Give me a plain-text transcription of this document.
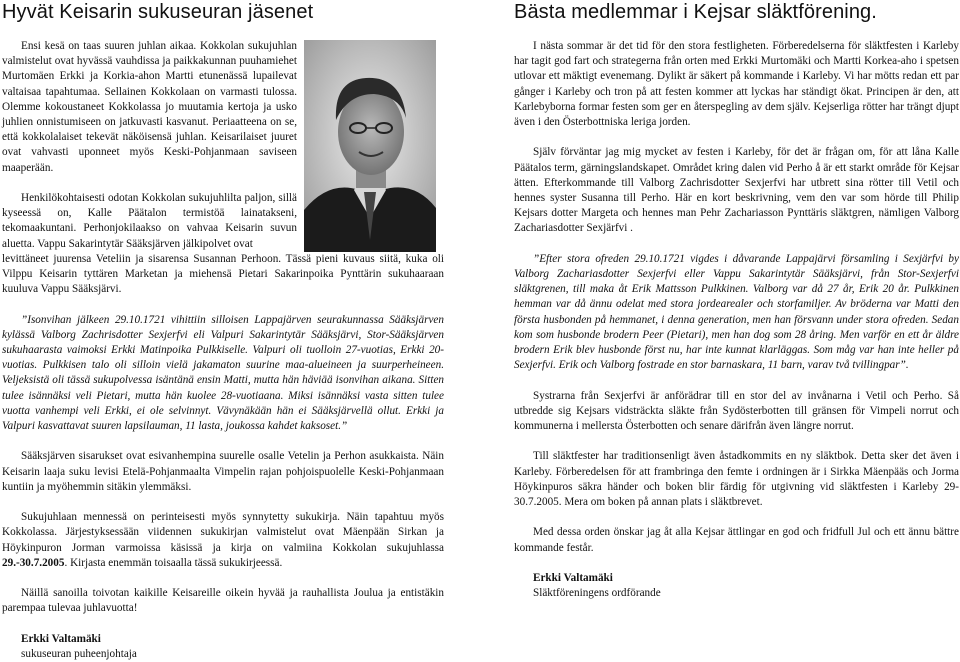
Hyvät Keisarin sukuseuran jäsenet	Bästa medlemmar i Kejsar släktförening.

Ensi kesä on taas suuren juhlan aikaa. Kokkolan sukujuhlan valmistelut ovat hyvässä vauhdissa ja paikkakunnan puuhamiehet Murtomäen Erkki ja Korkia-ahon Martti etunenässä lupailevat valtaisaa tapahtumaa. Sellainen Kokkolaan on varmasti tulossa. Olemme kokoustaneet Kokkolassa jo muutamia kertoja ja usko juhlien onnistumiseen on jatkuvasti kasvanut. Periaatteena on se, että kokkolalaiset tekevät näköisensä juhlan. Keisarilaiset juuret ovat vahvasti uponneet myös Keski-Pohjanmaan saviseen maaperään.

Henkilökohtaisesti odotan Kokkolan sukujuhlilta paljon, sillä kyseessä on, Kalle Päätalon termistöä lainatakseni, tekomaakuntani. Perhonjokilaakso on vahvaa Keisarin suvun aluetta. Vappu Sakarintytär Sääksjärven jälkipolvet ovat

levittäneet juurensa Veteliin ja sisarensa Susannan Perhoon. Tässä pieni kuvaus siitä, kuka oli Vilppu Keisarin tyttären Marketan ja miehensä Pietari Sakarinpoika Pynttärin sukuhaaraan kuuluva Vappu Sääksjärvi.

”Isonvihan jälkeen 29.10.1721 vihittiin silloisen Lappajärven seurakunnassa Sääksjärven kylässä Valborg Zachrisdotter Sexjerfvi eli Valpuri Sakarintytär Sääksjärvi, Stor-Sääksjärven sukuhaarasta vaimoksi Erkki Matinpoika Pulkkiselle. Valpuri oli tuolloin 27-vuotias, Erkki 20-vuotias. Pulkkisen talo oli silloin vielä jakamaton suurine maa-alueineen ja suurperheineen. Veljeksistä oli tässä sukupolvessa isäntänä ensin Matti, mutta hän häviää isonvihan aikana. Sitten tulee isännäksi veli Pietari, mutta hän kuolee 28-vuotiaana. Miksi isännäksi vasta sitten tulee vuotta vanhempi veli Erkki, ei ole selvinnyt. Vävynäkään hän ei Sääksjärvellä ollut. Erkki ja Valpuri kasvattavat suuren lapsilauman, 11 lasta, joukossa kahdet kaksoset.”

Sääksjärven sisarukset ovat esivanhempina suurelle osalle Vetelin ja Perhon asukkaista. Näin Keisarin laaja suku levisi Etelä-Pohjanmaalta Vimpelin rajan pohjoispuolelle Keski-Pohjanmaan kuntiin ja myöhemmin sitäkin ylemmäksi.

Sukujuhlaan mennessä on perinteisesti myös synnytetty sukukirja. Näin tapahtuu myös Kokkolassa. Järjestyksessään viidennen sukukirjan valmistelut ovat Mäenpään Sirkan ja Höykinpuron Jorman varmoissa käsissä ja kirja on valmiina Kokkolan sukujuhlassa 29.-30.7.2005. Kirjasta enemmän toisaalla tässä sukukirjeessä.

Näillä sanoilla toivotan kaikille Keisareille oikein hyvää ja rauhallista Joulua ja entistäkin parempaa tulevaa juhlavuotta!

Erkki Valtamäki

sukuseuran puheenjohtaja

I nästa sommar är det tid för den stora festligheten. Förberedelserna för släktfesten i Karleby har tagit god fart och strategerna från orten med Erkki Murtomäki och Martti Korkea-aho i spetsen utlovar ett mäktigt evenemang. Dylikt är säkert på kommande i Karleby. Vi har mötts redan ett par gånger i Karleby och tron på att festen kommer att lyckas har ständigt ökat. Principen är den, att Karlebyborna formar festen som ger en återspegling av dem själv. Kejserliga rötter har trängt djupt även i den Österbottniska leriga jorden.

Själv förväntar jag mig mycket av festen i Karleby, för det är frågan om, för att låna Kalle Päätalos term, gärningslandskapet. Området kring dalen vid Perho å är ett starkt område för Kejsar ätten. Efterkommande till Valborg Zachrisdotter Sexjerfvi har utbrett sina rötter till Vetil och hennes syster Susanna till Perho. Här en kort beskrivning, vem den var som hörde till Philip Kejsars dotter Margeta och hennes man Pehr Zachariasson Pynttäris släktgren, nämligen Valborg Zachariasdotter Sexjärfvi .

”Efter stora ofreden 29.10.1721 vigdes i dåvarande Lappajärvi församling i Sexjärfvi by Valborg Zachariasdotter Sexjerfvi eller Vappu Sakarintytär Sääksjärvi, från Stor-Sexjerfvi släktgrenen, till maka åt Erik Mattsson Pulkkinen. Valborg var då 27 år, Erik 20 år. Pulkkinen hemman var då ännu odelat med stora jordearealer och storfamiljer. Av bröderna var Matti den första husbonden på hemmanet, i denna generation, men han försvann under stora ofreden. Sedan kom som husbonde brodern Peer (Pietari), men han dog som 28 åring. Men varför en ett år äldre brodern Erik blev husbonde först nu, har inte kunnat klarläggas. Som måg var han inte heller på Sexjerfvi. Erik och Valborg fostrade en stor barnaskara, 11 barn, varav två tvillingpar”.

Systrarna från Sexjerfvi är anförädrar till en stor del av invånarna i Vetil och Perho. Så utbredde sig Kejsars vidsträckta släkte från Sydösterbotten till gränsen för Vimpeli norrut och kommunerna i mellersta Österbotten och senare därifrån även längre norrut.

Till släktfester har traditionsenligt även åstadkommits en ny släktbok. Detta sker det även i Karleby. Förberedelsen för att frambringa den femte i ordningen är i Sirkka Mäenpääs och Jorma Höykinpuros säkra händer och boken blir färdig för utgivning vid släktfesten i Karleby 29-30.7.2005. Mera om boken på annan plats i släktbrevet.

Med dessa orden önskar jag åt alla Kejsar ättlingar en god och fridfull Jul och ett ännu bättre kommande festår.

Erkki Valtamäki

Släktföreningens ordförande
